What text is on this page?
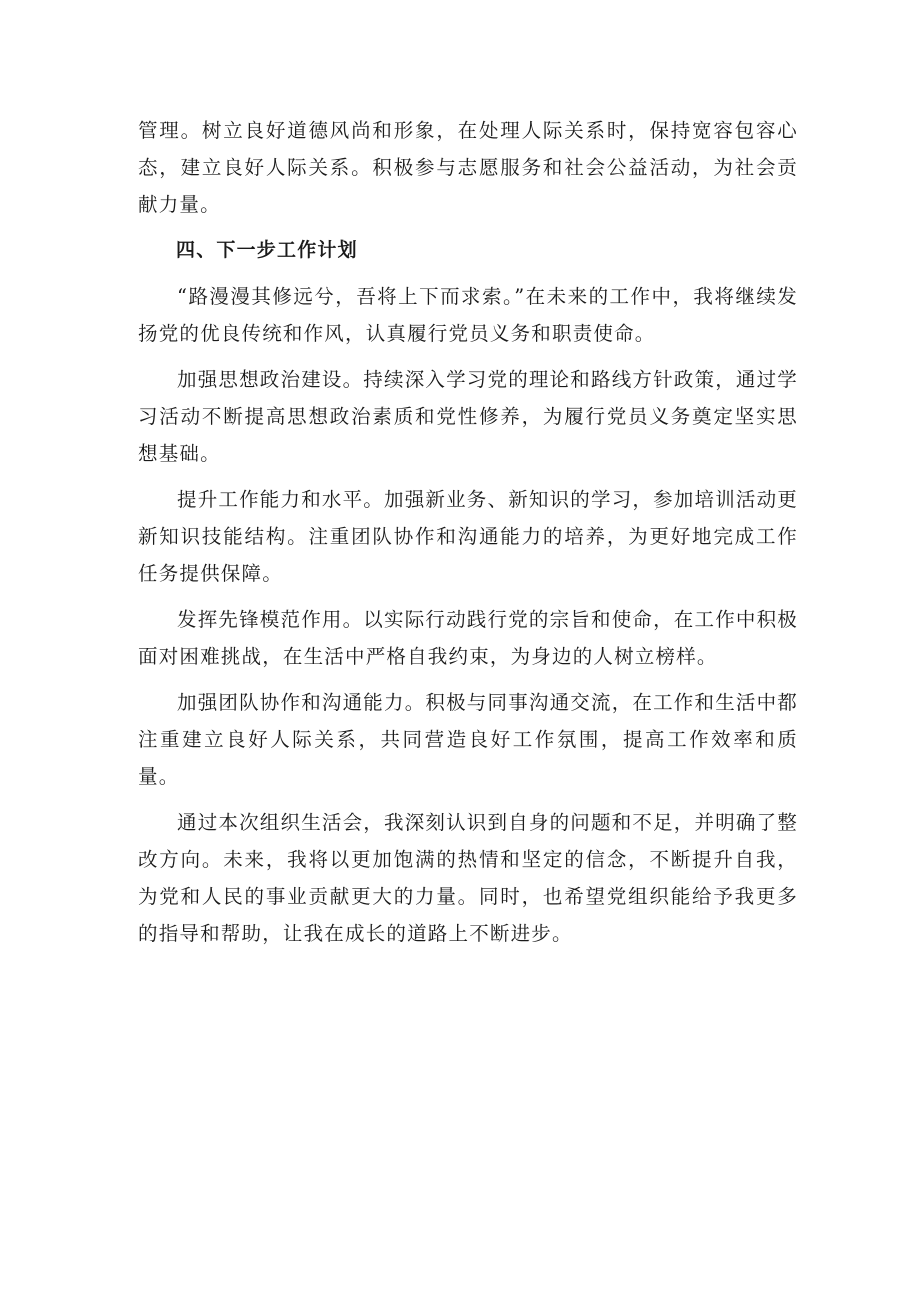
管理。树立良好道德风尚和形象，在处理人际关系时，保持宽容包容心态，建立良好人际关系。积极参与志愿服务和社会公益活动，为社会贡献力量。

四、下一步工作计划

“路漫漫其修远兮，吾将上下而求索。”在未来的工作中，我将继续发扬党的优良传统和作风，认真履行党员义务和职责使命。

加强思想政治建设。持续深入学习党的理论和路线方针政策，通过学习活动不断提高思想政治素质和党性修养，为履行党员义务奠定坚实思想基础。

提升工作能力和水平。加强新业务、新知识的学习，参加培训活动更新知识技能结构。注重团队协作和沟通能力的培养，为更好地完成工作任务提供保障。

发挥先锋模范作用。以实际行动践行党的宗旨和使命，在工作中积极面对困难挑战，在生活中严格自我约束，为身边的人树立榜样。

加强团队协作和沟通能力。积极与同事沟通交流，在工作和生活中都注重建立良好人际关系，共同营造良好工作氛围，提高工作效率和质量。

通过本次组织生活会，我深刻认识到自身的问题和不足，并明确了整改方向。未来，我将以更加饱满的热情和坚定的信念，不断提升自我，为党和人民的事业贡献更大的力量。同时，也希望党组织能给予我更多的指导和帮助，让我在成长的道路上不断进步。
